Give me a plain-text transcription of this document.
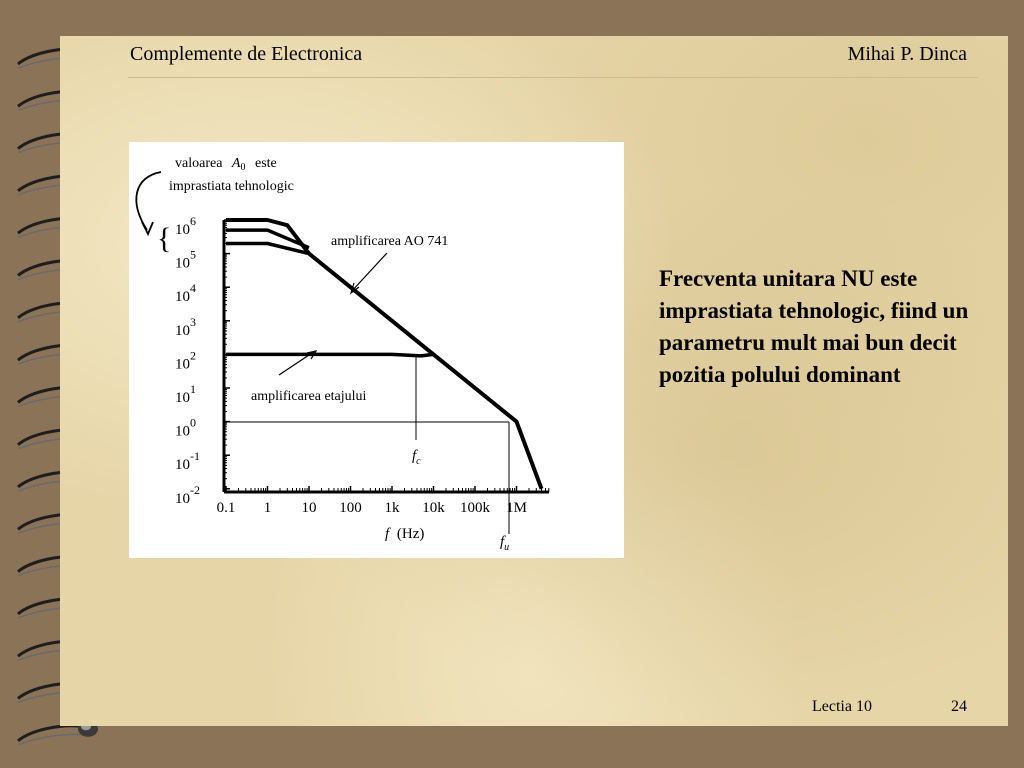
Complemente de Electronica	Mihai P. Dinca
valoarea $A_0$ este
imprastiata tehnologic
{ $10^6$
$10^5$
$10^4$
$10^3$
$10^2$
$10^1$
$10^0$
$10^{-1}$
$10^{-2}$
0.1 1 10 100 1k 10k 100k 1M
amplificarea AO 741
amplificarea etajului
$f_c$
$f_u$
f (Hz)
Frecventa unitara NU este imprastiata tehnologic, fiind un parametru mult mai bun decit pozitia polului dominant
Lectia 10	24
